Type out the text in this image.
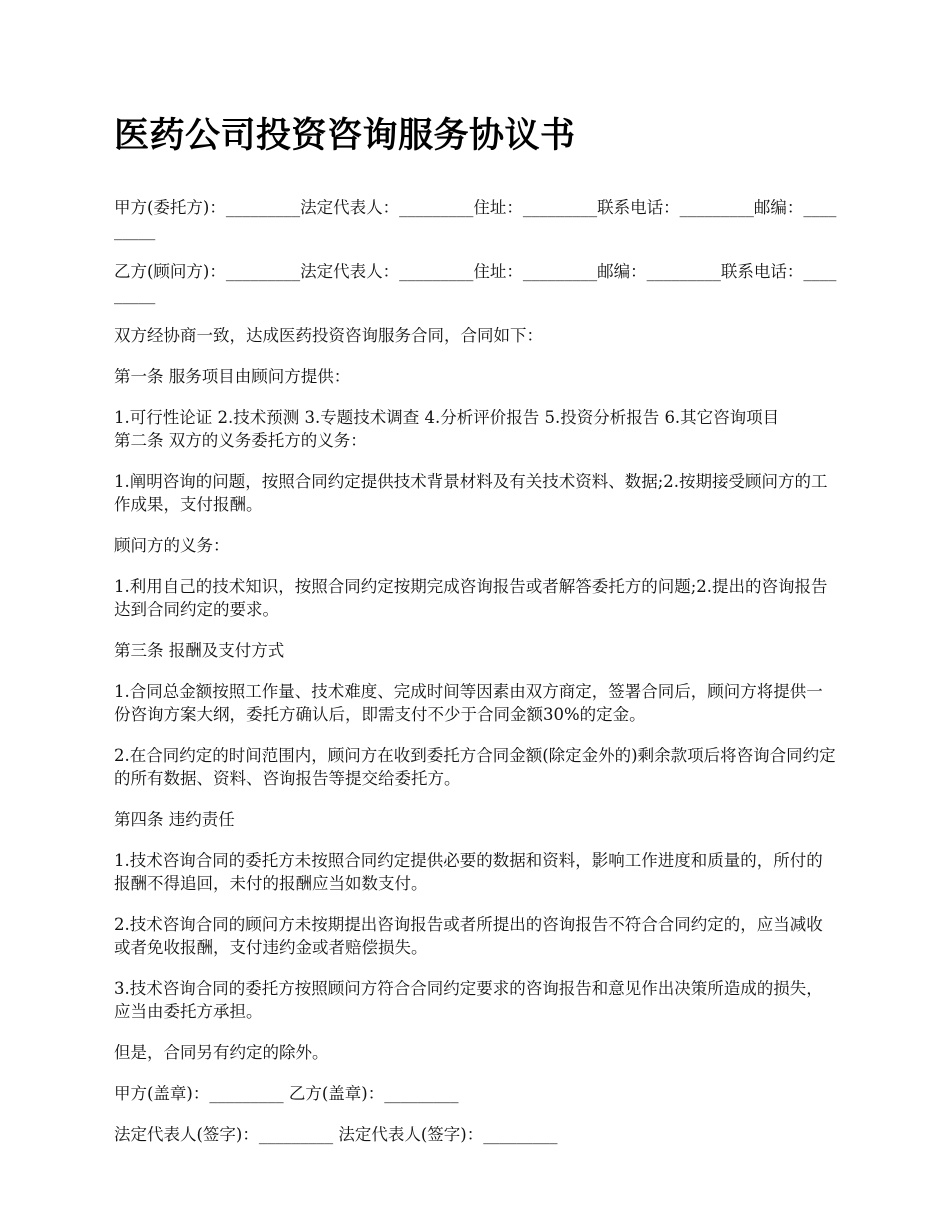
医药公司投资咨询服务协议书

甲方(委托方)：_________法定代表人：_________住址：_________联系电话：_________邮编：_________

乙方(顾问方)：_________法定代表人：_________住址：_________邮编：_________联系电话：_________

双方经协商一致，达成医药投资咨询服务合同，合同如下：

第一条 服务项目由顾问方提供：

1.可行性论证 2.技术预测 3.专题技术调查 4.分析评价报告 5.投资分析报告 6.其它咨询项目

第二条 双方的义务委托方的义务：

1.阐明咨询的问题，按照合同约定提供技术背景材料及有关技术资料、数据;2.按期接受顾问方的工作成果，支付报酬。

顾问方的义务：

1.利用自己的技术知识，按照合同约定按期完成咨询报告或者解答委托方的问题;2.提出的咨询报告达到合同约定的要求。

第三条 报酬及支付方式

1.合同总金额按照工作量、技术难度、完成时间等因素由双方商定，签署合同后，顾问方将提供一份咨询方案大纲，委托方确认后，即需支付不少于合同金额30%的定金。

2.在合同约定的时间范围内，顾问方在收到委托方合同金额(除定金外的)剩余款项后将咨询合同约定的所有数据、资料、咨询报告等提交给委托方。

第四条 违约责任

1.技术咨询合同的委托方未按照合同约定提供必要的数据和资料，影响工作进度和质量的，所付的报酬不得追回，未付的报酬应当如数支付。

2.技术咨询合同的顾问方未按期提出咨询报告或者所提出的咨询报告不符合合同约定的，应当减收或者免收报酬，支付违约金或者赔偿损失。

3.技术咨询合同的委托方按照顾问方符合合同约定要求的咨询报告和意见作出决策所造成的损失，应当由委托方承担。

但是，合同另有约定的除外。

甲方(盖章)：_________ 乙方(盖章)：_________

法定代表人(签字)：_________ 法定代表人(签字)：_________
